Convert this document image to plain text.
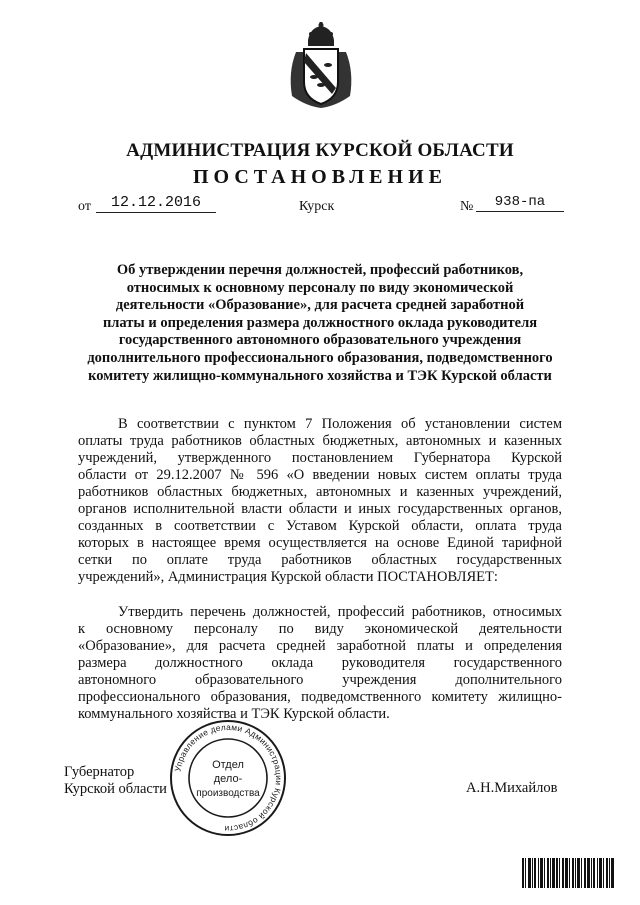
АДМИНИСТРАЦИЯ КУРСКОЙ ОБЛАСТИ
ПОСТАНОВЛЕНИЕ
от	12.12.2016	Курск	№	938-па
Об утверждении перечня должностей, профессий работников,
относимых к основному персоналу по виду экономической
деятельности «Образование», для расчета средней заработной
платы и определения размера должностного оклада руководителя
государственного автономного образовательного учреждения
дополнительного профессионального образования, подведомственного
комитету жилищно-коммунального хозяйства и ТЭК Курской области
В соответствии с пунктом 7 Положения об установлении систем
оплаты труда работников областных бюджетных, автономных и казенных
учреждений, утвержденного постановлением Губернатора Курской
области от 29.12.2007 № 596 «О введении новых систем оплаты труда
работников областных бюджетных, автономных и казенных учреждений,
органов исполнительной власти области и иных государственных органов,
созданных в соответствии с Уставом Курской области, оплата труда
которых в настоящее время осуществляется на основе Единой тарифной
сетки по оплате труда работников областных государственных
учреждений», Администрация Курской области ПОСТАНОВЛЯЕТ:
Утвердить перечень должностей, профессий работников, относимых
к основному персоналу по виду экономической деятельности
«Образование», для расчета средней заработной платы и определения
размера должностного оклада руководителя государственного
автономного образовательного учреждения дополнительного
профессионального образования, подведомственного комитету жилищно-
коммунального хозяйства и ТЭК Курской области.
Губернатор
Курской области	А.Н.Михайлов
Управление делами Администрации Курской области
Отдел
дело-
производства
